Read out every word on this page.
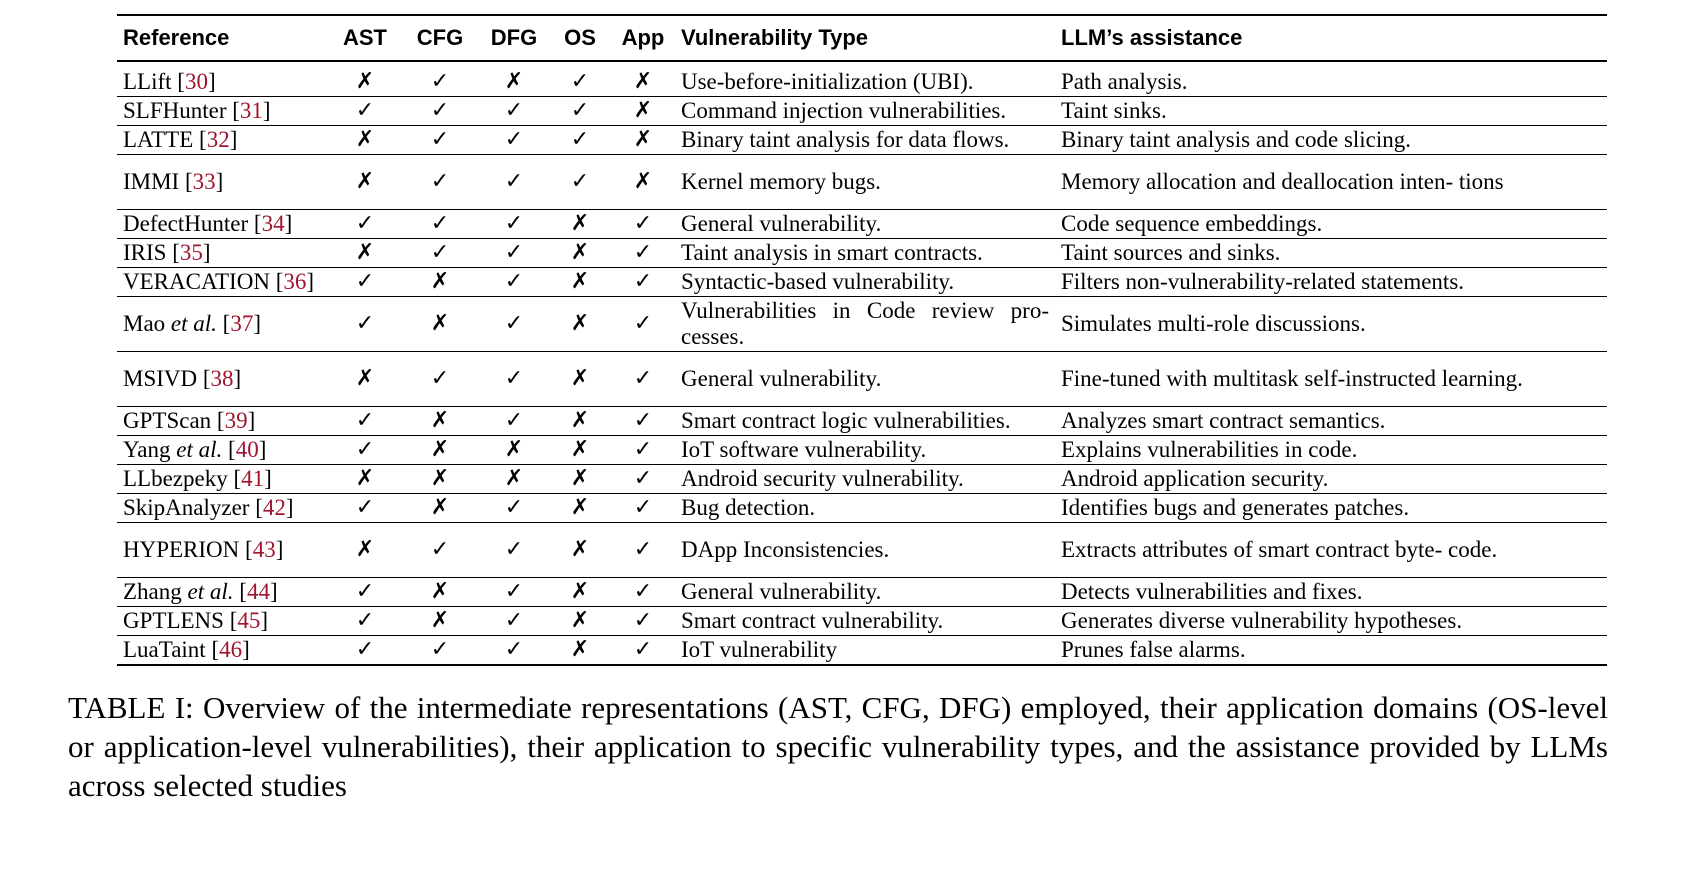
Reference	AST	CFG	DFG	OS	App	Vulnerability Type	LLM’s assistance
LLift [30]	✗	✓	✗	✓	✗	Use-before-initialization (UBI).	Path analysis.
SLFHunter [31]	✓	✓	✓	✓	✗	Command injection vulnerabilities.	Taint sinks.
LATTE [32]	✗	✓	✓	✓	✗	Binary taint analysis for data flows.	Binary taint analysis and code slicing.
IMMI [33]	✗	✓	✓	✓	✗	Kernel memory bugs.	Memory allocation and deallocation inten- tions
DefectHunter [34]	✓	✓	✓	✗	✓	General vulnerability.	Code sequence embeddings.
IRIS [35]	✗	✓	✓	✗	✓	Taint analysis in smart contracts.	Taint sources and sinks.
VERACATION [36]	✓	✗	✓	✗	✓	Syntactic-based vulnerability.	Filters non-vulnerability-related statements.
Mao et al. [37]	✓	✗	✓	✗	✓	Vulnerabilities in Code review pro- cesses.	Simulates multi-role discussions.
MSIVD [38]	✗	✓	✓	✗	✓	General vulnerability.	Fine-tuned with multitask self-instructed learning.
GPTScan [39]	✓	✗	✓	✗	✓	Smart contract logic vulnerabilities.	Analyzes smart contract semantics.
Yang et al. [40]	✓	✗	✗	✗	✓	IoT software vulnerability.	Explains vulnerabilities in code.
LLbezpeky [41]	✗	✗	✗	✗	✓	Android security vulnerability.	Android application security.
SkipAnalyzer [42]	✓	✗	✓	✗	✓	Bug detection.	Identifies bugs and generates patches.
HYPERION [43]	✗	✓	✓	✗	✓	DApp Inconsistencies.	Extracts attributes of smart contract byte- code.
Zhang et al. [44]	✓	✗	✓	✗	✓	General vulnerability.	Detects vulnerabilities and fixes.
GPTLENS [45]	✓	✗	✓	✗	✓	Smart contract vulnerability.	Generates diverse vulnerability hypotheses.
LuaTaint [46]	✓	✓	✓	✗	✓	IoT vulnerability	Prunes false alarms.
TABLE I: Overview of the intermediate representations (AST, CFG, DFG) employed, their application domains (OS-level or application-level vulnerabilities), their application to specific vulnerability types, and the assistance provided by LLMs across selected studies
